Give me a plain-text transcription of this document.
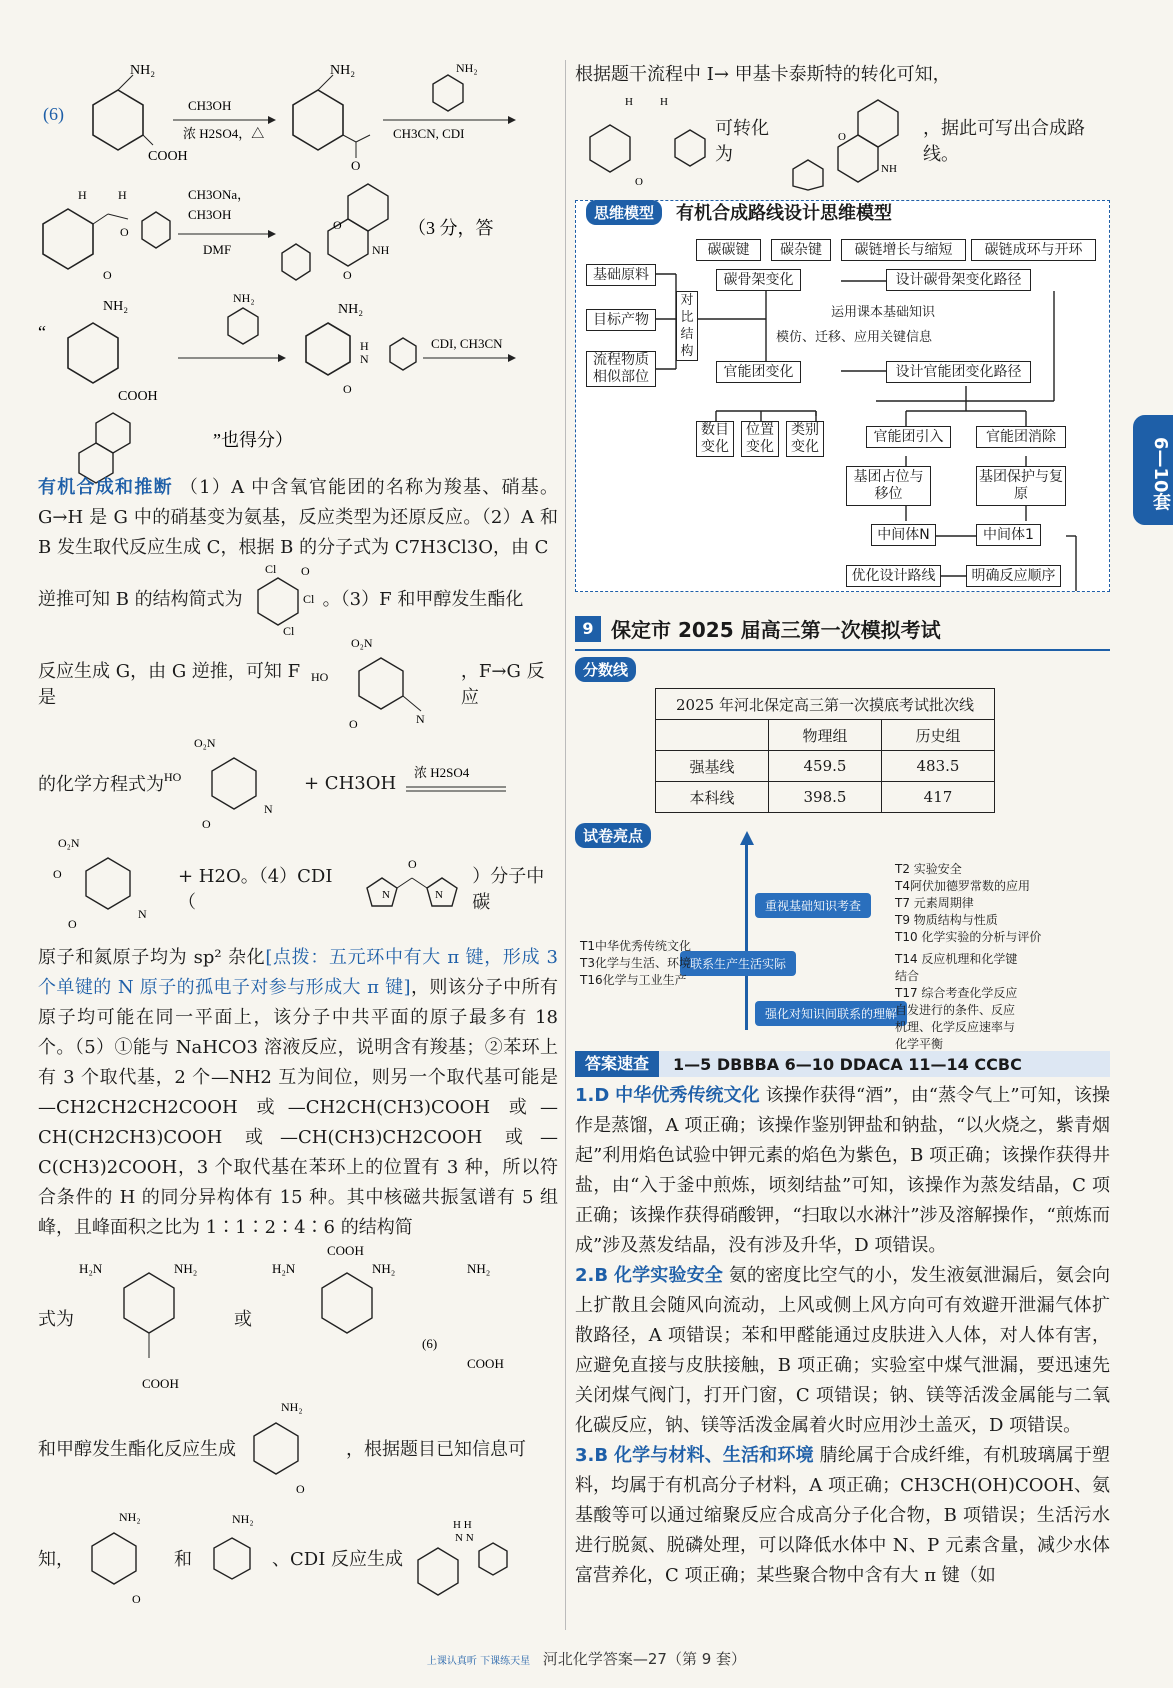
(6)
NH₂
COOH
CH3OH
浓 H2SO4，△
NH₂
O
NH₂
CH3CN, CDI

H	H
O
O
CH3ONa，
CH3OH
DMF
O
NH
O
（3 分，答

“
NH₂
COOH
NH₂
NH₂
H
N
O
CDI, CH3CN
”也得分）

有机合成和推断 （1）A 中含氧官能团的名称为羧基、硝基。G→H 是 G 中的硝基变为氨基，反应类型为还原反应。（2）A 和 B 发生取代反应生成 C，根据 B 的分子式为 C7H3Cl3O，由 C

逆推可知 B 的结构简式为
Cl O
Cl
Cl
。（3）F 和甲醇发生酯化
反应生成 G，由 G 逆推，可知 F 是
O₂N
HO
N
O
，F→G 反应
的化学方程式为
O₂N
HO
O
N
+ CH3OH 浓 H2SO4
O₂N
O
O
N
+ H2O。（4）CDI（
O
N	N
）分子中碳

原子和氮原子均为 sp² 杂化[点拨：五元环中有大 π 键，形成 3 个单键的 N 原子的孤电子对参与形成大 π 键]，则该分子中所有原子均可能在同一平面上，该分子中共平面的原子最多有 18 个。（5）①能与 NaHCO3 溶液反应，说明含有羧基；②苯环上有 3 个取代基，2 个—NH2 互为间位，则另一个取代基可能是—CH2CH2CH2COOH 或—CH2CH(CH3)COOH 或—CH(CH2CH3)COOH 或—CH(CH3)CH2COOH 或—C(CH3)2COOH，3 个取代基在苯环上的位置有 3 种，所以符合条件的 H 的同分异构体有 15 种。其中核磁共振氢谱有 5 组峰，且峰面积之比为 1∶1∶2∶4∶6 的结构简

式为
H₂N	NH₂
COOH
或
H₂N	NH₂
COOH
(6)
NH₂
COOH
和甲醇发生酯化反应生成
NH₂
O
，根据题目已知信息可
知，
NH₂
O
和
NH₂
、CDI 反应生成
H H
N N

根据题干流程中 Ⅰ→ 甲基卡泰斯特的转化可知，

H H
O
可转化为
O
NH
，据此可写出合成路线。
思维模型	有机合成路线设计思维模型
碳碳键	碳杂键	碳链增长与缩短	碳链成环与开环
基础原料	碳骨架变化	设计碳骨架变化路径
目标产物
对比结构
运用课本基础知识
模仿、迁移、应用关键信息
流程物质相似部位	官能团变化	设计官能团变化路径
数目变化
位置变化
类别变化
官能团引入	官能团消除
基团占位与移位
基团保护与复原
中间体N	中间体1
优化设计路线	明确反应顺序
9 保定市 2025 届高三第一次模拟考试
分数线
2025 年河北保定高三第一次摸底考试批次线		
	物理组	历史组
强基线	459.5	483.5
本科线	398.5	417
试卷亮点
重视基础知识考查
联系生产生活实际
强化对知识间联系的理解
T2 实验安全
T4阿伏加德罗常数的应用
T7 元素周期律
T9 物质结构与性质
T10 化学实验的分析与评价
T1中华优秀传统文化
T3化学与生活、环境
T16化学与工业生产
T14 反应机理和化学键
结合
T17 综合考查化学反应
自发进行的条件、反应
机理、化学反应速率与
化学平衡
答案速查	1—5 DBBBA 6—10 DDACA 11—14 CCBC

1.D 中华优秀传统文化 该操作获得“酒”，由“蒸令气上”可知，该操作是蒸馏，A 项正确；该操作鉴别钾盐和钠盐，“以火烧之，紫青烟起”利用焰色试验中钾元素的焰色为紫色，B 项正确；该操作获得井盐，由“入于釜中煎炼，顷刻结盐”可知，该操作为蒸发结晶，C 项正确；该操作获得硝酸钾，“扫取以水淋汁”涉及溶解操作，“煎炼而成”涉及蒸发结晶，没有涉及升华，D 项错误。

2.B 化学实验安全 氨的密度比空气的小，发生液氨泄漏后，氨会向上扩散且会随风向流动，上风或侧上风方向可有效避开泄漏气体扩散路径，A 项错误；苯和甲醛能通过皮肤进入人体，对人体有害，应避免直接与皮肤接触，B 项正确；实验室中煤气泄漏，要迅速先关闭煤气阀门，打开门窗，C 项错误；钠、镁等活泼金属能与二氧化碳反应，钠、镁等活泼金属着火时应用沙土盖灭，D 项错误。

3.B 化学与材料、生活和环境 腈纶属于合成纤维，有机玻璃属于塑料，均属于有机高分子材料，A 项正确；CH3CH(OH)COOH、氨基酸等可以通过缩聚反应合成高分子化合物，B 项错误；生活污水进行脱氮、脱磷处理，可以降低水体中 N、P 元素含量，减少水体富营养化，C 项正确；某些聚合物中含有大 π 键（如

6—10套
上课认真听 下课练天星 河北化学答案—27（第 9 套）
